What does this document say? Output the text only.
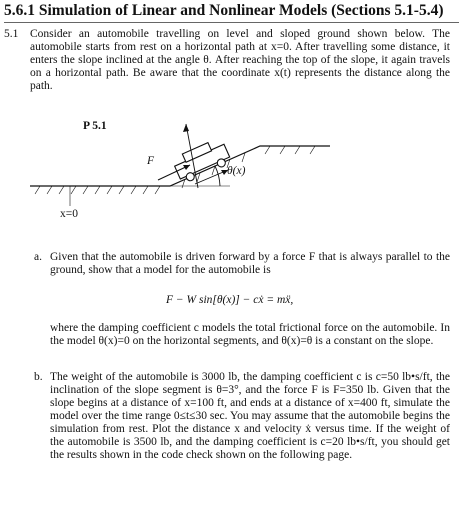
5.6.1 Simulation of Linear and Nonlinear Models (Sections 5.1-5.4)
5.1 Consider an automobile travelling on level and sloped ground shown below. The automobile starts from rest on a horizontal path at x=0. After travelling some distance, it enters the slope inclined at the angle θ. After reaching the top of the slope, it again travels on a horizontal path. Be aware that the coordinate x(t) represents the distance along the path.
P 5.1
F
θ(x)
x=0
a. Given that the automobile is driven forward by a force F that is always parallel to the ground, show that a model for the automobile is
F − W sin[θ(x)] − cẋ = mẍ,
where the damping coefficient c models the total frictional force on the automobile. In the model θ(x)=0 on the horizontal segments, and θ(x)=θ is a constant on the slope.
b. The weight of the automobile is 3000 lb, the damping coefficient c is c=50 lb•s/ft, the inclination of the slope segment is θ=3°, and the force F is F=350 lb. Given that the slope begins at a distance of x=100 ft, and ends at a distance of x=400 ft, simulate the model over the time range 0≤t≤30 sec. You may assume that the automobile begins the simulation from rest. Plot the distance x and velocity ẋ versus time. If the weight of the automobile is 3500 lb, and the damping coefficient is c=20 lb•s/ft, you should get the results shown in the code check shown on the following page.
